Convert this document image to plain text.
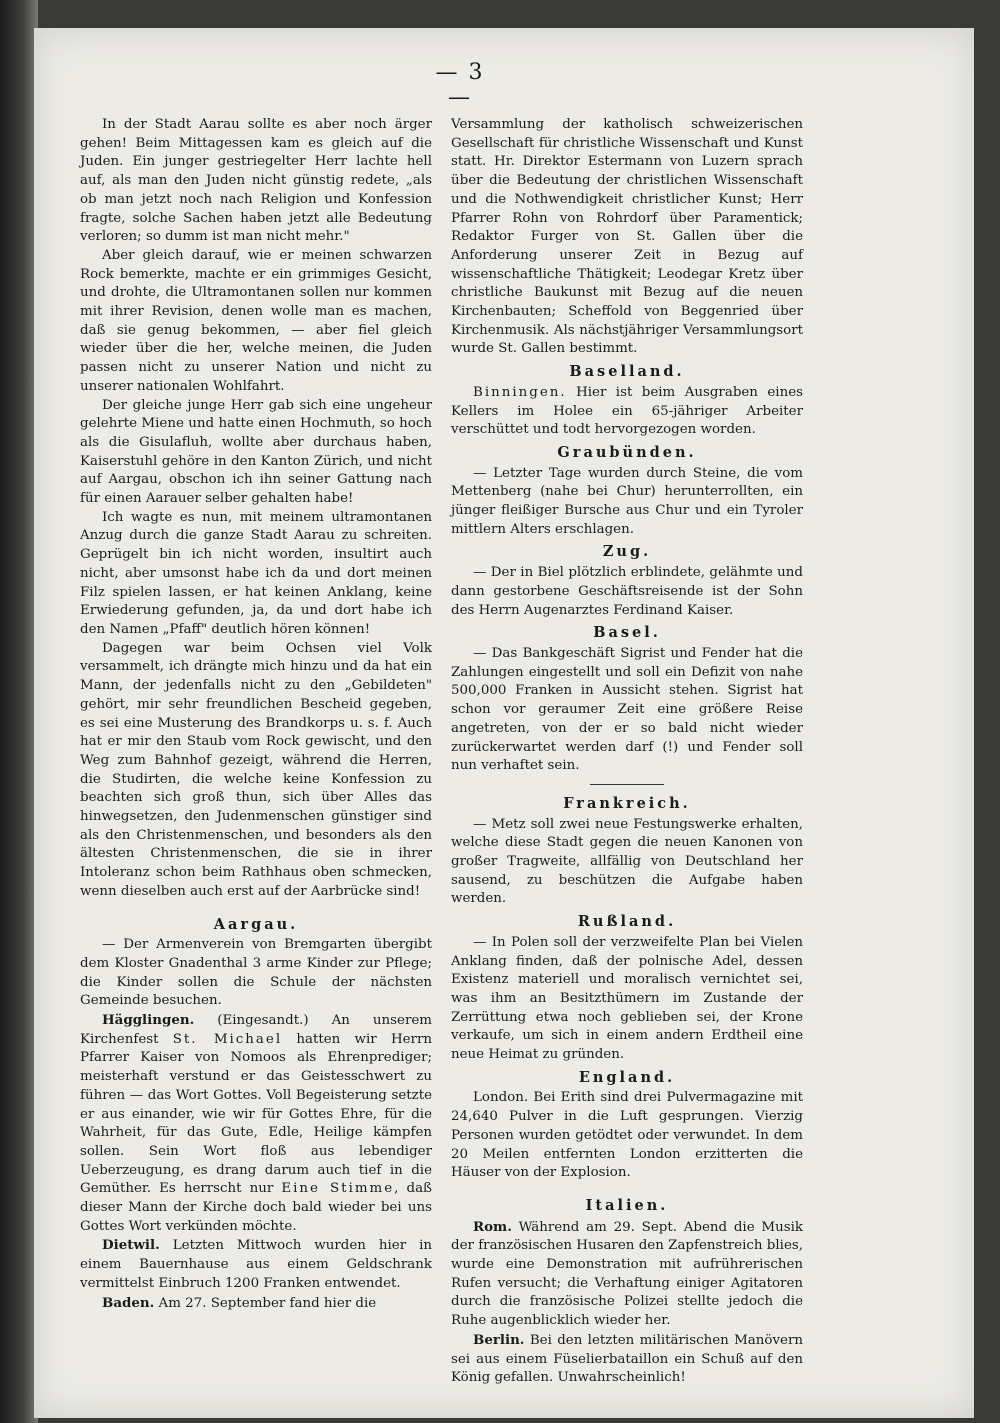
— 3 —

In der Stadt Aarau sollte es aber noch ärger gehen! Beim Mittagessen kam es gleich auf die Juden. Ein junger gestriegelter Herr lachte hell auf, als man den Juden nicht günstig redete, „als ob man jetzt noch nach Religion und Konfession fragte, solche Sachen haben jetzt alle Bedeutung verloren; so dumm ist man nicht mehr."

Aber gleich darauf, wie er meinen schwarzen Rock bemerkte, machte er ein grimmiges Gesicht, und drohte, die Ultramontanen sollen nur kommen mit ihrer Revision, denen wolle man es machen, daß sie genug bekommen, — aber fiel gleich wieder über die her, welche meinen, die Juden passen nicht zu unserer Nation und nicht zu unserer nationalen Wohlfahrt.

Der gleiche junge Herr gab sich eine ungeheur gelehrte Miene und hatte einen Hochmuth, so hoch als die Gisulafluh, wollte aber durchaus haben, Kaiserstuhl gehöre in den Kanton Zürich, und nicht auf Aargau, obschon ich ihn seiner Gattung nach für einen Aarauer selber gehalten habe!

Ich wagte es nun, mit meinem ultramontanen Anzug durch die ganze Stadt Aarau zu schreiten. Geprügelt bin ich nicht worden, insultirt auch nicht, aber umsonst habe ich da und dort meinen Filz spielen lassen, er hat keinen Anklang, keine Erwiederung gefunden, ja, da und dort habe ich den Namen „Pfaff" deutlich hören können!

Dagegen war beim Ochsen viel Volk versammelt, ich drängte mich hinzu und da hat ein Mann, der jedenfalls nicht zu den „Gebildeten" gehört, mir sehr freundlichen Bescheid gegeben, es sei eine Musterung des Brandkorps u. s. f. Auch hat er mir den Staub vom Rock gewischt, und den Weg zum Bahnhof gezeigt, während die Herren, die Studirten, die welche keine Konfession zu beachten sich groß thun, sich über Alles das hinwegsetzen, den Judenmenschen günstiger sind als den Christenmenschen, und besonders als den ältesten Christenmenschen, die sie in ihrer Intoleranz schon beim Rathhaus oben schmecken, wenn dieselben auch erst auf der Aarbrücke sind!

Aargau.

— Der Armenverein von Bremgarten übergibt dem Kloster Gnadenthal 3 arme Kinder zur Pflege; die Kinder sollen die Schule der nächsten Gemeinde besuchen.

Hägglingen. (Eingesandt.) An unserem Kirchenfest St. Michael hatten wir Herrn Pfarrer Kaiser von Nomoos als Ehrenprediger; meisterhaft verstund er das Geistesschwert zu führen — das Wort Gottes. Voll Begeisterung setzte er aus einander, wie wir für Gottes Ehre, für die Wahrheit, für das Gute, Edle, Heilige kämpfen sollen. Sein Wort floß aus lebendiger Ueberzeugung, es drang darum auch tief in die Gemüther. Es herrscht nur Eine Stimme, daß dieser Mann der Kirche doch bald wieder bei uns Gottes Wort verkünden möchte.

Dietwil. Letzten Mittwoch wurden hier in einem Bauernhause aus einem Geldschrank vermittelst Einbruch 1200 Franken entwendet.

Baden. Am 27. September fand hier die

Versammlung der katholisch schweizerischen Gesellschaft für christliche Wissenschaft und Kunst statt. Hr. Direktor Estermann von Luzern sprach über die Bedeutung der christlichen Wissenschaft und die Nothwendigkeit christlicher Kunst; Herr Pfarrer Rohn von Rohrdorf über Paramentick; Redaktor Furger von St. Gallen über die Anforderung unserer Zeit in Bezug auf wissenschaftliche Thätigkeit; Leodegar Kretz über christliche Baukunst mit Bezug auf die neuen Kirchenbauten; Scheffold von Beggenried über Kirchenmusik. Als nächstjähriger Versammlungsort wurde St. Gallen bestimmt.

Baselland.

Binningen. Hier ist beim Ausgraben eines Kellers im Holee ein 65-jähriger Arbeiter verschüttet und todt hervorgezogen worden.

Graubünden.

— Letzter Tage wurden durch Steine, die vom Mettenberg (nahe bei Chur) herunterrollten, ein jünger fleißiger Bursche aus Chur und ein Tyroler mittlern Alters erschlagen.

Zug.

— Der in Biel plötzlich erblindete, gelähmte und dann gestorbene Geschäftsreisende ist der Sohn des Herrn Augenarztes Ferdinand Kaiser.

Basel.

— Das Bankgeschäft Sigrist und Fender hat die Zahlungen eingestellt und soll ein Defizit von nahe 500,000 Franken in Aussicht stehen. Sigrist hat schon vor geraumer Zeit eine größere Reise angetreten, von der er so bald nicht wieder zurückerwartet werden darf (!) und Fender soll nun verhaftet sein.

Frankreich.

— Metz soll zwei neue Festungswerke erhalten, welche diese Stadt gegen die neuen Kanonen von großer Tragweite, allfällig von Deutschland her sausend, zu beschützen die Aufgabe haben werden.

Rußland.

— In Polen soll der verzweifelte Plan bei Vielen Anklang finden, daß der polnische Adel, dessen Existenz materiell und moralisch vernichtet sei, was ihm an Besitzthümern im Zustande der Zerrüttung etwa noch geblieben sei, der Krone verkaufe, um sich in einem andern Erdtheil eine neue Heimat zu gründen.

England.

London. Bei Erith sind drei Pulvermagazine mit 24,640 Pulver in die Luft gesprungen. Vierzig Personen wurden getödtet oder verwundet. In dem 20 Meilen entfernten London erzitterten die Häuser von der Explosion.

Italien.

Rom. Während am 29. Sept. Abend die Musik der französischen Husaren den Zapfenstreich blies, wurde eine Demonstration mit aufrührerischen Rufen versucht; die Verhaftung einiger Agitatoren durch die französische Polizei stellte jedoch die Ruhe augenblicklich wieder her.

Berlin. Bei den letzten militärischen Manövern sei aus einem Füselierbataillon ein Schuß auf den König gefallen. Unwahrscheinlich!
